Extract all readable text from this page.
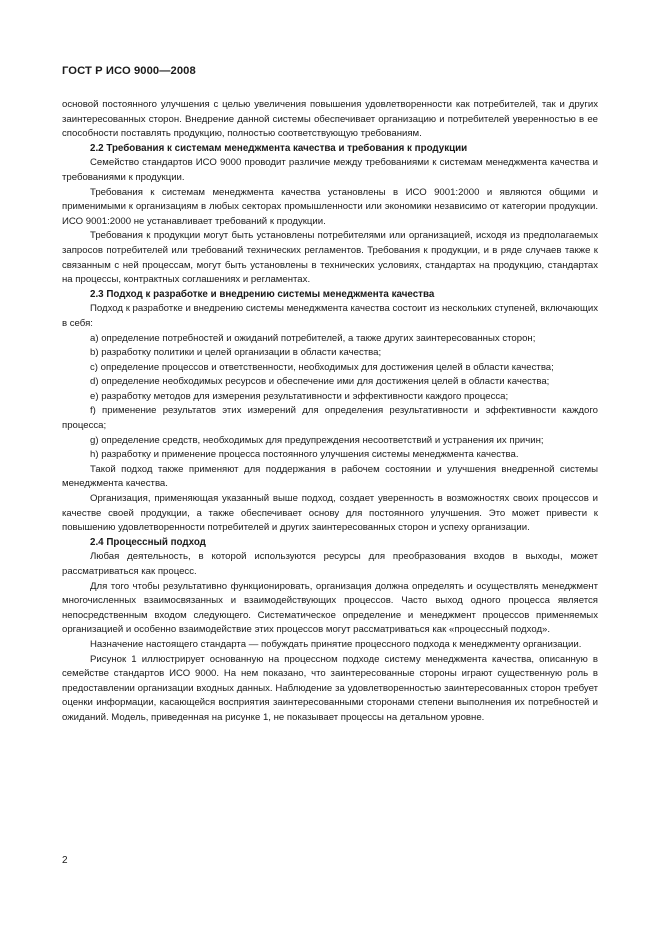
ГОСТ Р ИСО 9000—2008

основой постоянного улучшения с целью увеличения повышения удовлетворенности как потребителей, так и других заинтересованных сторон. Внедрение данной системы обеспечивает организацию и потребителей уверенностью в ее способности поставлять продукцию, полностью соответствующую требованиям.

2.2 Требования к системам менеджмента качества и требования к продукции

Семейство стандартов ИСО 9000 проводит различие между требованиями к системам менеджмента качества и требованиями к продукции.

Требования к системам менеджмента качества установлены в ИСО 9001:2000 и являются общими и применимыми к организациям в любых секторах промышленности или экономики независимо от категории продукции. ИСО 9001:2000 не устанавливает требований к продукции.

Требования к продукции могут быть установлены потребителями или организацией, исходя из предполагаемых запросов потребителей или требований технических регламентов. Требования к продукции, и в ряде случаев также к связанным с ней процессам, могут быть установлены в технических условиях, стандартах на продукцию, стандартах на процессы, контрактных соглашениях и регламентах.

2.3 Подход к разработке и внедрению системы менеджмента качества

Подход к разработке и внедрению системы менеджмента качества состоит из нескольких ступеней, включающих в себя:

a) определение потребностей и ожиданий потребителей, а также других заинтересованных сторон;

b) разработку политики и целей организации в области качества;

c) определение процессов и ответственности, необходимых для достижения целей в области качества;

d) определение необходимых ресурсов и обеспечение ими для достижения целей в области качества;

e) разработку методов для измерения результативности и эффективности каждого процесса;

f) применение результатов этих измерений для определения результативности и эффективности каждого процесса;

g) определение средств, необходимых для предупреждения несоответствий и устранения их причин;

h) разработку и применение процесса постоянного улучшения системы менеджмента качества.

Такой подход также применяют для поддержания в рабочем состоянии и улучшения внедренной системы менеджмента качества.

Организация, применяющая указанный выше подход, создает уверенность в возможностях своих процессов и качестве своей продукции, а также обеспечивает основу для постоянного улучшения. Это может привести к повышению удовлетворенности потребителей и других заинтересованных сторон и успеху организации.

2.4 Процессный подход

Любая деятельность, в которой используются ресурсы для преобразования входов в выходы, может рассматриваться как процесс.

Для того чтобы результативно функционировать, организация должна определять и осуществлять менеджмент многочисленных взаимосвязанных и взаимодействующих процессов. Часто выход одного процесса является непосредственным входом следующего. Систематическое определение и менеджмент процессов применяемых организацией и особенно взаимодействие этих процессов могут рассматриваться как «процессный подход».

Назначение настоящего стандарта — побуждать принятие процессного подхода к менеджменту организации.

Рисунок 1 иллюстрирует основанную на процессном подходе систему менеджмента качества, описанную в семействе стандартов ИСО 9000. На нем показано, что заинтересованные стороны играют существенную роль в предоставлении организации входных данных. Наблюдение за удовлетворенностью заинтересованных сторон требует оценки информации, касающейся восприятия заинтересованными сторонами степени выполнения их потребностей и ожиданий. Модель, приведенная на рисунке 1, не показывает процессы на детальном уровне.

2
